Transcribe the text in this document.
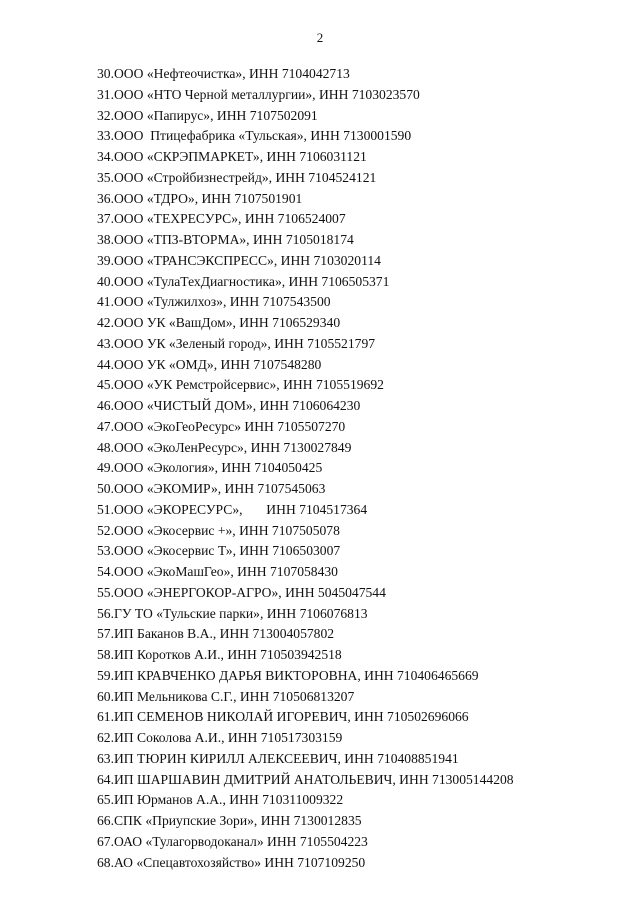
2
30.ООО «Нефтеочистка», ИНН 7104042713
31.ООО «НТО Черной металлургии», ИНН 7103023570
32.ООО «Папирус», ИНН 7107502091
33.ООО  Птицефабрика «Тульская», ИНН 7130001590
34.ООО «СКРЭПМАРКЕТ», ИНН 7106031121
35.ООО «Стройбизнестрейд», ИНН 7104524121
36.ООО «ТДРО», ИНН 7107501901
37.ООО «ТЕХРЕСУРС», ИНН 7106524007
38.ООО «ТПЗ-ВТОРМА», ИНН 7105018174
39.ООО «ТРАНСЭКСПРЕСС», ИНН 7103020114
40.ООО «ТулаТехДиагностика», ИНН 7106505371
41.ООО «Тулжилхоз», ИНН 7107543500
42.ООО УК «ВашДом», ИНН 7106529340
43.ООО УК «Зеленый город», ИНН 7105521797
44.ООО УК «ОМД», ИНН 7107548280
45.ООО «УК Ремстройсервис», ИНН 7105519692
46.ООО «ЧИСТЫЙ ДОМ», ИНН 7106064230
47.ООО «ЭкоГеоРесурс» ИНН 7105507270
48.ООО «ЭкоЛенРесурс», ИНН 7130027849
49.ООО «Экология», ИНН 7104050425
50.ООО «ЭКОМИР», ИНН 7107545063
51.ООО «ЭКОРЕСУРС»,       ИНН 7104517364
52.ООО «Экосервис +», ИНН 7107505078
53.ООО «Экосервис Т», ИНН 7106503007
54.ООО «ЭкоМашГео», ИНН 7107058430
55.ООО «ЭНЕРГОКОР-АГРО», ИНН 5045047544
56.ГУ ТО «Тульские парки», ИНН 7106076813
57.ИП Баканов В.А., ИНН 713004057802
58.ИП Коротков А.И., ИНН 710503942518
59.ИП КРАВЧЕНКО ДАРЬЯ ВИКТОРОВНА, ИНН 710406465669
60.ИП Мельникова С.Г., ИНН 710506813207
61.ИП СЕМЕНОВ НИКОЛАЙ ИГОРЕВИЧ, ИНН 710502696066
62.ИП Соколова А.И., ИНН 710517303159
63.ИП ТЮРИН КИРИЛЛ АЛЕКСЕЕВИЧ, ИНН 710408851941
64.ИП ШАРШАВИН ДМИТРИЙ АНАТОЛЬЕВИЧ, ИНН 713005144208
65.ИП Юрманов А.А., ИНН 710311009322
66.СПК «Приупские Зори», ИНН 7130012835
67.ОАО «Тулагорводоканал» ИНН 7105504223
68.АО «Спецавтохозяйство» ИНН 7107109250
